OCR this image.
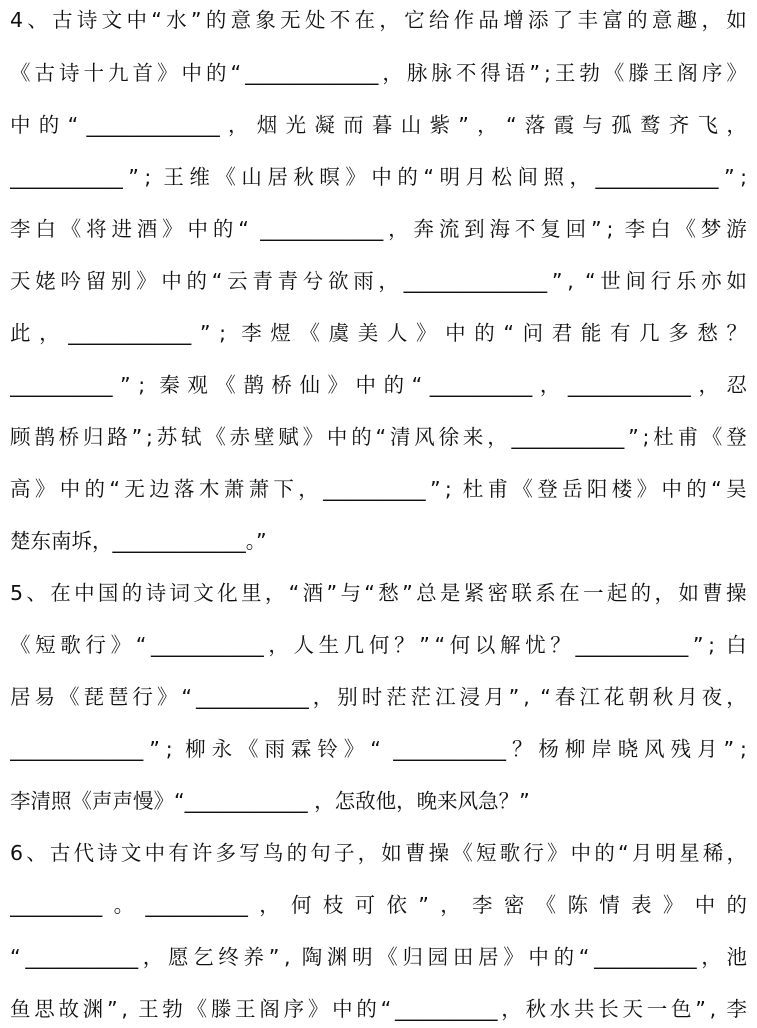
4 、 古 诗 文 中 “ 水 ” 的 意 象 无 处 不 在 ， 它 给 作 品 增 添 了 丰 富 的 意 趣 ， 如
《 古 诗 十 九 首 》 中 的 “ _____________ ， 脉 脉 不 得 语 ” ; 王 勃 《 滕 王 阁 序 》
中 的 “ _____________ ， 烟 光 凝 而 暮 山 紫 ” ， “ 落 霞 与 孤 鹜 齐 飞 ，
___________ ” ; 王 维 《 山 居 秋 暝 》 中 的 “ 明 月 松 间 照 ， ____________ ” ;
李 白 《 将 进 酒 》 中 的 “ ____________ ， 奔 流 到 海 不 复 回 ” ; 李 白 《 梦 游
天 姥 吟 留 别 》 中 的 “ 云 青 青 兮 欲 雨 ， ______________ ” , “ 世 间 行 乐 亦 如
此 ， ____________ ” ; 李 煜 《 虞 美 人 》 中 的 “ 问 君 能 有 几 多 愁 ？
__________ ” ; 秦 观 《 鹊 桥 仙 》 中 的 “ __________ ， ____________ ， 忍
顾 鹊 桥 归 路 ” ; 苏 轼 《 赤 壁 赋 》 中 的 “ 清 风 徐 来 ， ___________ ” ; 杜 甫 《 登
高 》 中 的 “ 无 边 落 木 萧 萧 下 ， __________ ” ; 杜 甫 《 登 岳 阳 楼 》 中 的 “ 吴
楚东南坼，_____________。”
5 、 在 中 国 的 诗 词 文 化 里 ， “ 酒 ” 与 “ 愁 ” 总 是 紧 密 联 系 在 一 起 的 ， 如 曹 操
《 短 歌 行 》 “ ___________ ， 人 生 几 何 ？ ” “ 何 以 解 忧 ？ ___________ ” ; 白
居 易 《 琵 琶 行 》 “ ___________ ， 别 时 茫 茫 江 浸 月 ” , “ 春 江 花 朝 秋 月 夜 ，
_____________ ” ; 柳 永 《 雨 霖 铃 》 “ ___________ ？ 杨 柳 岸 晓 风 残 月 ” ;
李清照《声声慢》“____________ ，怎敌他，晚来风急？”
6 、 古 代 诗 文 中 有 许 多 写 鸟 的 句 子 ， 如 曹 操 《 短 歌 行 》 中 的 “ 月 明 星 稀 ，
_________ 。 __________ ， 何 枝 可 依 ” ， 李 密 《 陈 情 表 》 中 的
“ ___________ ， 愿 乞 终 养 ” , 陶 渊 明 《 归 园 田 居 》 中 的 “ __________ ， 池
鱼 思 故 渊 ” , 王 勃 《 滕 王 阁 序 》 中 的 “ __________ ， 秋 水 共 长 天 一 色 ” , 李
